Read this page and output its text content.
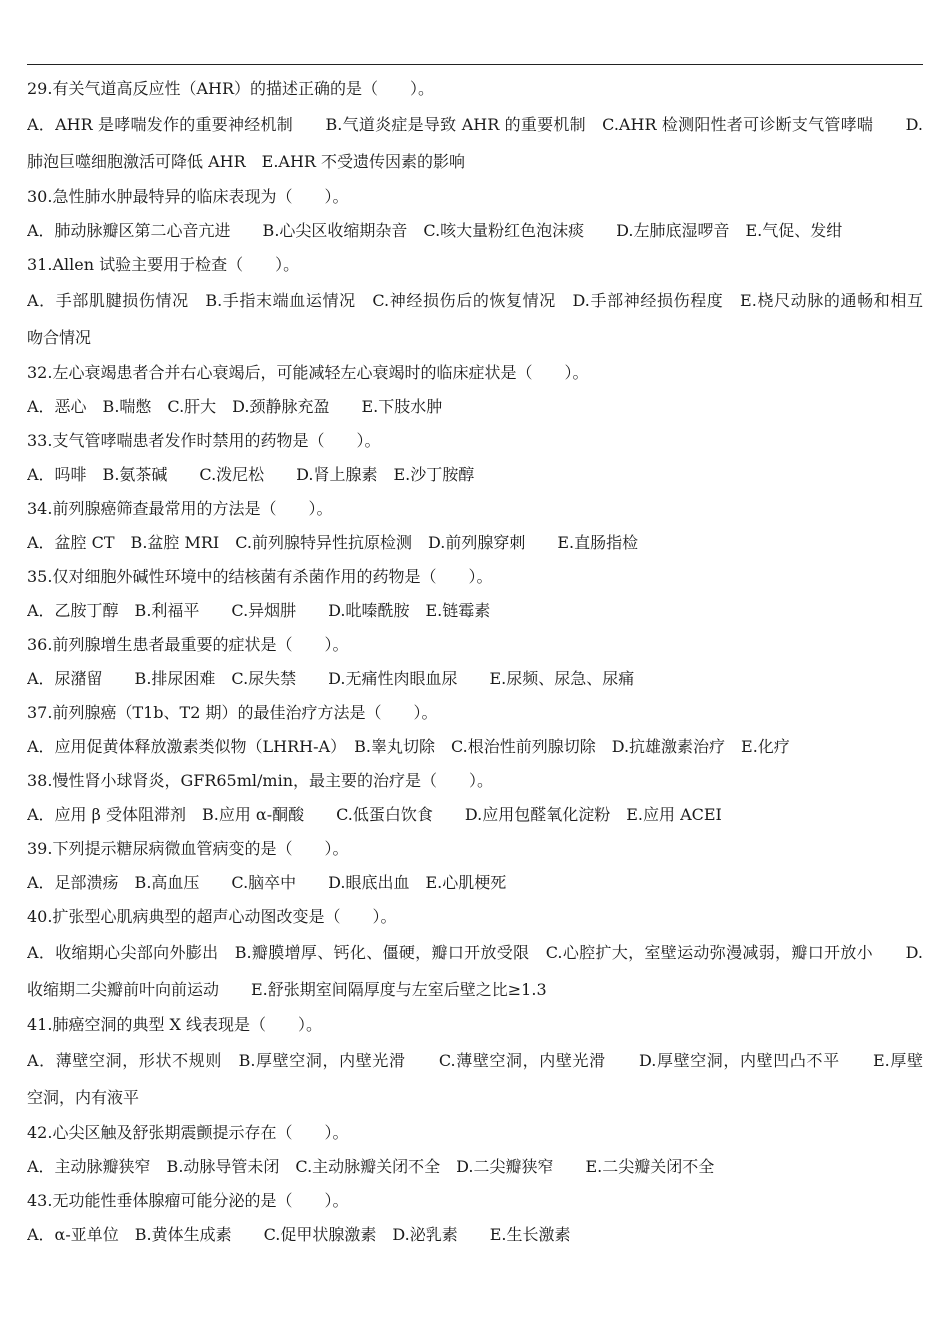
29.有关气道高反应性（AHR）的描述正确的是（　　）。
A．AHR 是哮喘发作的重要神经机制　　B.气道炎症是导致 AHR 的重要机制　C.AHR 检测阳性者可诊断支气管哮喘　　D.
肺泡巨噬细胞激活可降低 AHR　E.AHR 不受遗传因素的影响
30.急性肺水肿最特异的临床表现为（　　）。
A．肺动脉瓣区第二心音亢进　　B.心尖区收缩期杂音　C.咳大量粉红色泡沫痰　　D.左肺底湿啰音　E.气促、发绀
31.Allen 试验主要用于检查（　　）。
A．手部肌腱损伤情况　B.手指末端血运情况　C.神经损伤后的恢复情况　D.手部神经损伤程度　E.桡尺动脉的通畅和相互
吻合情况
32.左心衰竭患者合并右心衰竭后，可能减轻左心衰竭时的临床症状是（　　）。
A．恶心　B.喘憋　C.肝大　D.颈静脉充盈　　E.下肢水肿
33.支气管哮喘患者发作时禁用的药物是（　　）。
A．吗啡　B.氨茶碱　　C.泼尼松　　D.肾上腺素　E.沙丁胺醇
34.前列腺癌筛查最常用的方法是（　　）。
A．盆腔 CT　B.盆腔 MRI　C.前列腺特异性抗原检测　D.前列腺穿刺　　E.直肠指检
35.仅对细胞外碱性环境中的结核菌有杀菌作用的药物是（　　）。
A．乙胺丁醇　B.利福平　　C.异烟肼　　D.吡嗪酰胺　E.链霉素
36.前列腺增生患者最重要的症状是（　　）。
A．尿潴留　　B.排尿困难　C.尿失禁　　D.无痛性肉眼血尿　　E.尿频、尿急、尿痛
37.前列腺癌（T1b、T2 期）的最佳治疗方法是（　　）。
A．应用促黄体释放激素类似物（LHRH-A）　B.睾丸切除　C.根治性前列腺切除　D.抗雄激素治疗　E.化疗
38.慢性肾小球肾炎，GFR65ml/min，最主要的治疗是（　　）。
A．应用 β 受体阻滞剂　B.应用 α-酮酸　　C.低蛋白饮食　　D.应用包醛氧化淀粉　E.应用 ACEI
39.下列提示糖尿病微血管病变的是（　　）。
A．足部溃疡　B.高血压　　C.脑卒中　　D.眼底出血　E.心肌梗死
40.扩张型心肌病典型的超声心动图改变是（　　）。
A．收缩期心尖部向外膨出　B.瓣膜增厚、钙化、僵硬，瓣口开放受限　C.心腔扩大，室壁运动弥漫减弱，瓣口开放小　　D.
收缩期二尖瓣前叶向前运动　　E.舒张期室间隔厚度与左室后壁之比≥1.3
41.肺癌空洞的典型 X 线表现是（　　）。
A．薄壁空洞，形状不规则　B.厚壁空洞，内壁光滑　　C.薄壁空洞，内壁光滑　　D.厚壁空洞，内壁凹凸不平　　E.厚壁
空洞，内有液平
42.心尖区触及舒张期震颤提示存在（　　）。
A．主动脉瓣狭窄　B.动脉导管未闭　C.主动脉瓣关闭不全　D.二尖瓣狭窄　　E.二尖瓣关闭不全
43.无功能性垂体腺瘤可能分泌的是（　　）。
A．α-亚单位　B.黄体生成素　　C.促甲状腺激素　D.泌乳素　　E.生长激素
